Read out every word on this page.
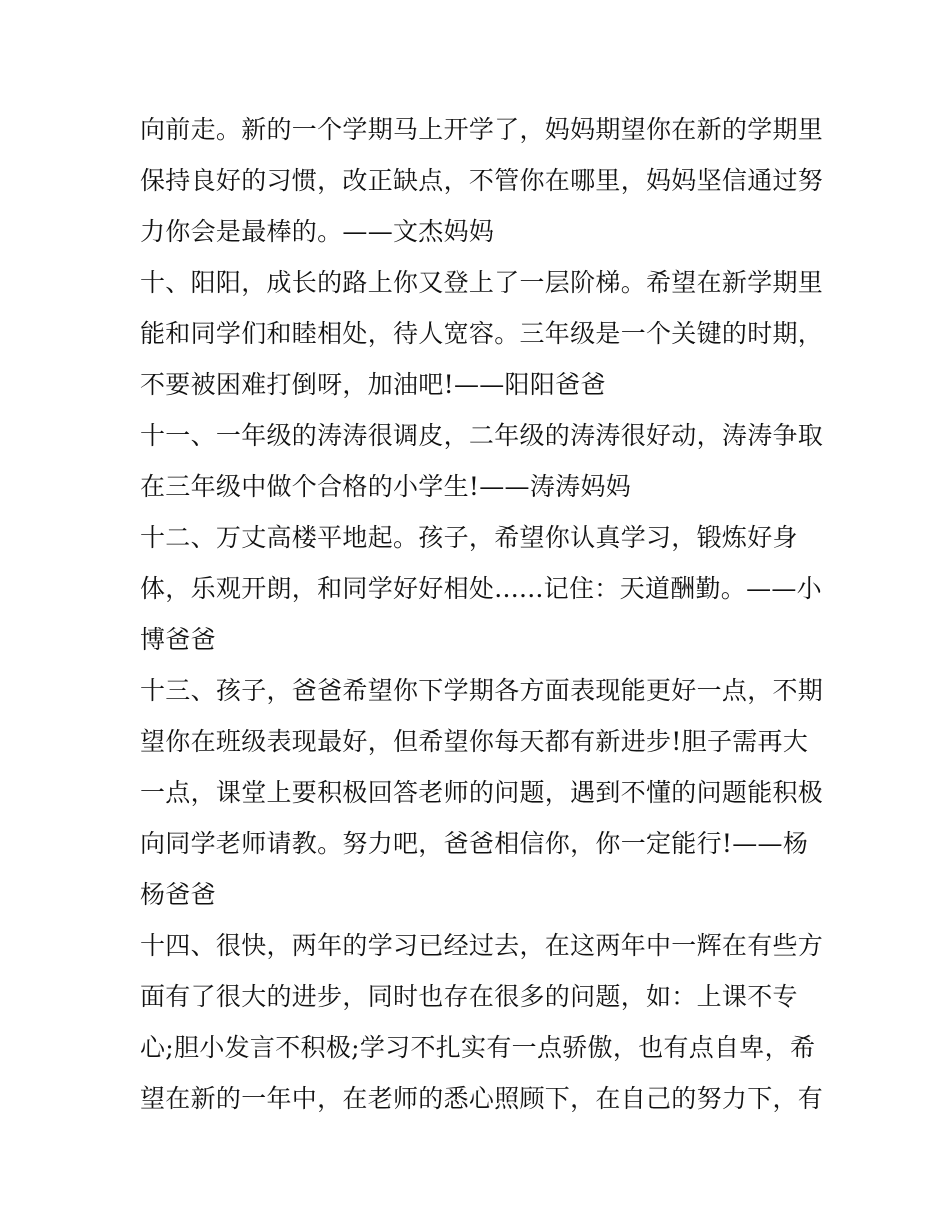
向前走。新的一个学期马上开学了，妈妈期望你在新的学期里
保持良好的习惯，改正缺点，不管你在哪里，妈妈坚信通过努
力你会是最棒的。——文杰妈妈
十、阳阳，成长的路上你又登上了一层阶梯。希望在新学期里
能和同学们和睦相处，待人宽容。三年级是一个关键的时期，
不要被困难打倒呀，加油吧!——阳阳爸爸
十一、一年级的涛涛很调皮，二年级的涛涛很好动，涛涛争取
在三年级中做个合格的小学生!——涛涛妈妈
十二、万丈高楼平地起。孩子，希望你认真学习，锻炼好身
体，乐观开朗，和同学好好相处......记住：天道酬勤。——小
博爸爸
十三、孩子，爸爸希望你下学期各方面表现能更好一点，不期
望你在班级表现最好，但希望你每天都有新进步!胆子需再大
一点，课堂上要积极回答老师的问题，遇到不懂的问题能积极
向同学老师请教。努力吧，爸爸相信你，你一定能行!——杨
杨爸爸
十四、很快，两年的学习已经过去，在这两年中一辉在有些方
面有了很大的进步，同时也存在很多的问题，如：上课不专
心;胆小发言不积极;学习不扎实有一点骄傲，也有点自卑，希
望在新的一年中，在老师的悉心照顾下，在自己的努力下，有
